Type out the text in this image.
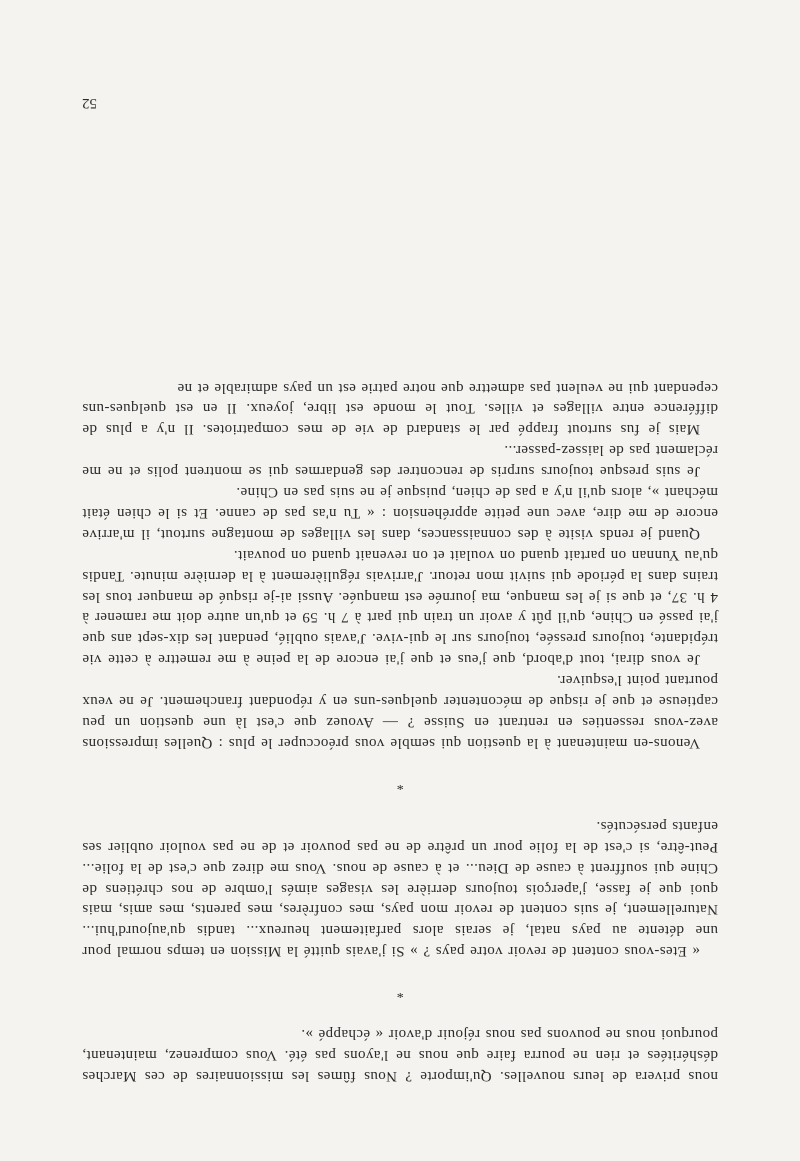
nous privera de leurs nouvelles. Qu'importe ? Nous fûmes les missionnaires de ces Marches déshéritées et rien ne pourra faire que nous ne l'ayons pas été. Vous comprenez, maintenant, pourquoi nous ne pouvons pas nous réjouir d'avoir « échappé ».

*

« Etes-vous content de revoir votre pays ? » Si j'avais quitté la Mission en temps normal pour une détente au pays natal, je serais alors parfaitement heureux... tandis qu'aujourd'hui... Naturellement, je suis content de revoir mon pays, mes confrères, mes parents, mes amis, mais quoi que je fasse, j'aperçois toujours derrière les visages aimés l'ombre de nos chrétiens de Chine qui souffrent à cause de Dieu... et à cause de nous. Vous me direz que c'est de la folie... Peut-être, si c'est de la folie pour un prêtre de ne pas pouvoir et de ne pas vouloir oublier ses enfants persécutés.

*

Venons-en maintenant à la question qui semble vous préoccuper le plus : Quelles impressions avez-vous ressenties en rentrant en Suisse ? — Avouez que c'est là une question un peu captieuse et que je risque de mécontenter quelques-uns en y répondant franchement. Je ne veux pourtant point l'esquiver.

Je vous dirai, tout d'abord, que j'eus et que j'ai encore de la peine à me remettre à cette vie trépidante, toujours pressée, toujours sur le qui-vive. J'avais oublié, pendant les dix-sept ans que j'ai passé en Chine, qu'il pût y avoir un train qui part à 7 h. 59 et qu'un autre doit me ramener à 4 h. 37, et que si je les manque, ma journée est manquée. Aussi ai-je risqué de manquer tous les trains dans la période qui suivit mon retour. J'arrivais régulièrement à la dernière minute. Tandis qu'au Yunnan on partait quand on voulait et on revenait quand on pouvait.

Quand je rends visite à des connaissances, dans les villages de montagne surtout, il m'arrive encore de me dire, avec une petite appréhension : « Tu n'as pas de canne. Et si le chien était méchant », alors qu'il n'y a pas de chien, puisque je ne suis pas en Chine.

Je suis presque toujours surpris de rencontrer des gendarmes qui se montrent polis et ne me réclament pas de laissez-passer...

Mais je fus surtout frappé par le standard de vie de mes compatriotes. Il n'y a plus de différence entre villages et villes. Tout le monde est libre, joyeux. Il en est quelques-uns cependant qui ne veulent pas admettre que notre patrie est un pays admirable et ne

52
